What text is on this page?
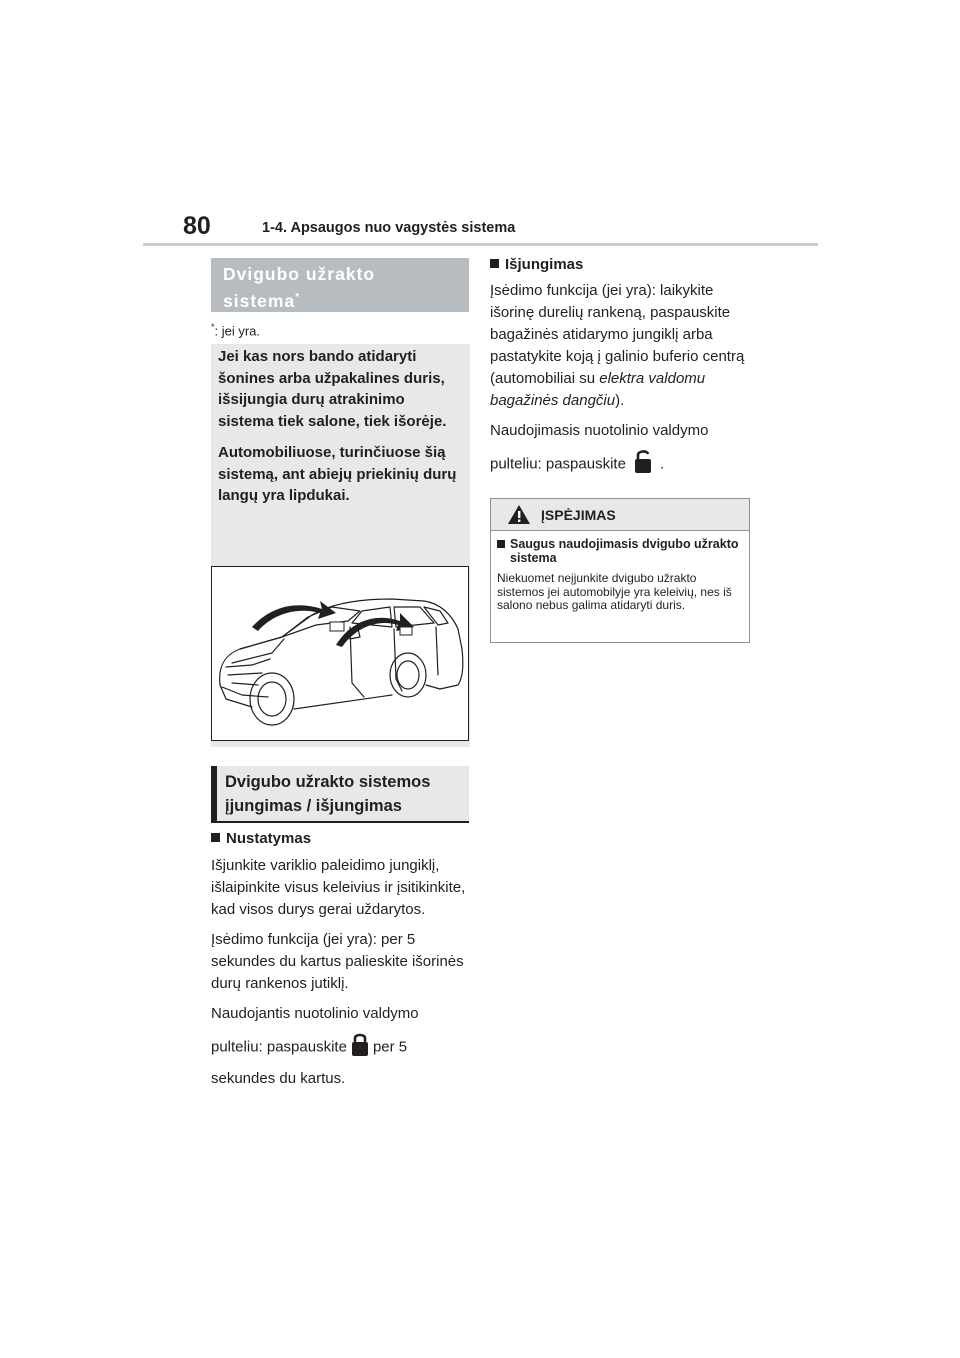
80	1-4. Apsaugos nuo vagystės sistema
Dvigubo užrakto sistema*
*: jei yra.

Jei kas nors bando atidaryti šonines arba užpakalines duris, išsijungia durų atrakinimo sistema tiek salone, tiek išorėje.

Automobiliuose, turinčiuose šią sistemą, ant abiejų priekinių durų langų yra lipdukai.

Dvigubo užrakto sistemos įjungimas / išjungimas
Nustatymas

Išjunkite variklio paleidimo jungiklį, išlaipinkite visus keleivius ir įsitikinkite, kad visos durys gerai uždarytos.

Įsėdimo funkcija (jei yra): per 5 sekundes du kartus palieskite išorinės durų rankenos jutiklį.

Naudojantis nuotolinio valdymo

pulteliu: paspauskite per 5

sekundes du kartus.

Išjungimas

Įsėdimo funkcija (jei yra): laikykite išorinę durelių rankeną, paspauskite bagažinės atidarymo jungiklį arba pastatykite koją į galinio buferio centrą (automobiliai su elektra valdomu bagažinės dangčiu).

Naudojimasis nuotolinio valdymo

pulteliu: paspauskite .

ĮSPĖJIMAS
Saugus naudojimasis dvigubo užrakto sistema
Niekuomet neįjunkite dvigubo užrakto sistemos jei automobilyje yra keleivių, nes iš salono nebus galima atidaryti duris.
